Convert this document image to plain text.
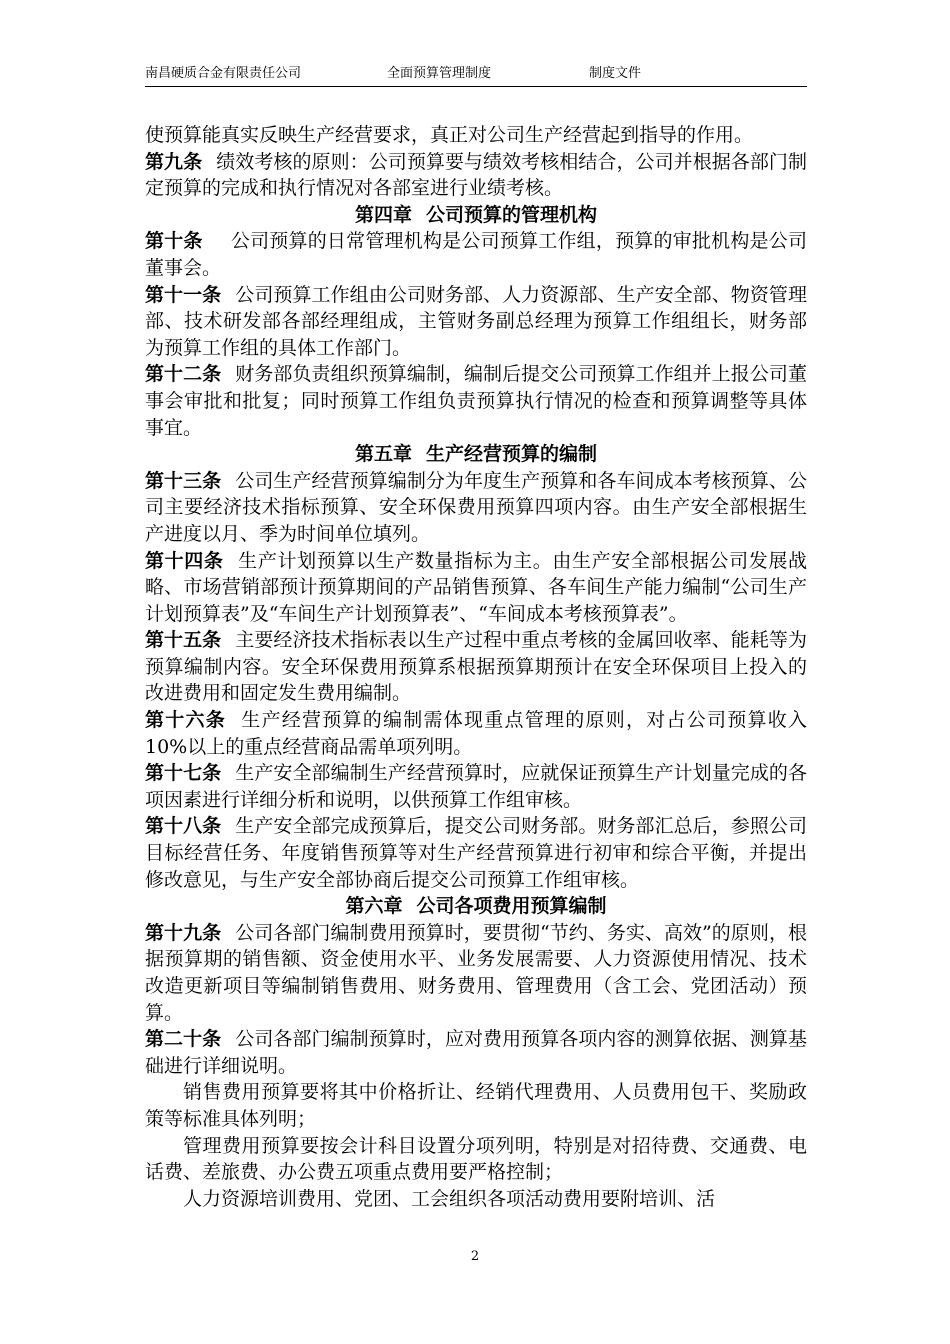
南昌硬质合金有限责任公司	全面预算管理制度	制度文件

使预算能真实反映生产经营要求，真正对公司生产经营起到指导的作用。

第九条 绩效考核的原则：公司预算要与绩效考核相结合，公司并根据各部门制定预算的完成和执行情况对各部室进行业绩考核。

第四章 公司预算的管理机构

第十条 公司预算的日常管理机构是公司预算工作组，预算的审批机构是公司董事会。

第十一条 公司预算工作组由公司财务部、人力资源部、生产安全部、物资管理部、技术研发部各部经理组成，主管财务副总经理为预算工作组组长，财务部为预算工作组的具体工作部门。

第十二条 财务部负责组织预算编制，编制后提交公司预算工作组并上报公司董事会审批和批复；同时预算工作组负责预算执行情况的检查和预算调整等具体事宜。

第五章 生产经营预算的编制

第十三条 公司生产经营预算编制分为年度生产预算和各车间成本考核预算、公司主要经济技术指标预算、安全环保费用预算四项内容。由生产安全部根据生产进度以月、季为时间单位填列。

第十四条 生产计划预算以生产数量指标为主。由生产安全部根据公司发展战略、市场营销部预计预算期间的产品销售预算、各车间生产能力编制“公司生产计划预算表”及“车间生产计划预算表”、“车间成本考核预算表”。

第十五条 主要经济技术指标表以生产过程中重点考核的金属回收率、能耗等为预算编制内容。安全环保费用预算系根据预算期预计在安全环保项目上投入的改进费用和固定发生费用编制。

第十六条 生产经营预算的编制需体现重点管理的原则，对占公司预算收入10%以上的重点经营商品需单项列明。

第十七条 生产安全部编制生产经营预算时，应就保证预算生产计划量完成的各项因素进行详细分析和说明，以供预算工作组审核。

第十八条 生产安全部完成预算后，提交公司财务部。财务部汇总后，参照公司目标经营任务、年度销售预算等对生产经营预算进行初审和综合平衡，并提出修改意见，与生产安全部协商后提交公司预算工作组审核。

第六章 公司各项费用预算编制

第十九条 公司各部门编制费用预算时，要贯彻“节约、务实、高效”的原则，根据预算期的销售额、资金使用水平、业务发展需要、人力资源使用情况、技术改造更新项目等编制销售费用、财务费用、管理费用（含工会、党团活动）预算。

第二十条 公司各部门编制预算时，应对费用预算各项内容的测算依据、测算基础进行详细说明。

销售费用预算要将其中价格折让、经销代理费用、人员费用包干、奖励政策等标准具体列明；

管理费用预算要按会计科目设置分项列明，特别是对招待费、交通费、电话费、差旅费、办公费五项重点费用要严格控制；

人力资源培训费用、党团、工会组织各项活动费用要附培训、活

2
